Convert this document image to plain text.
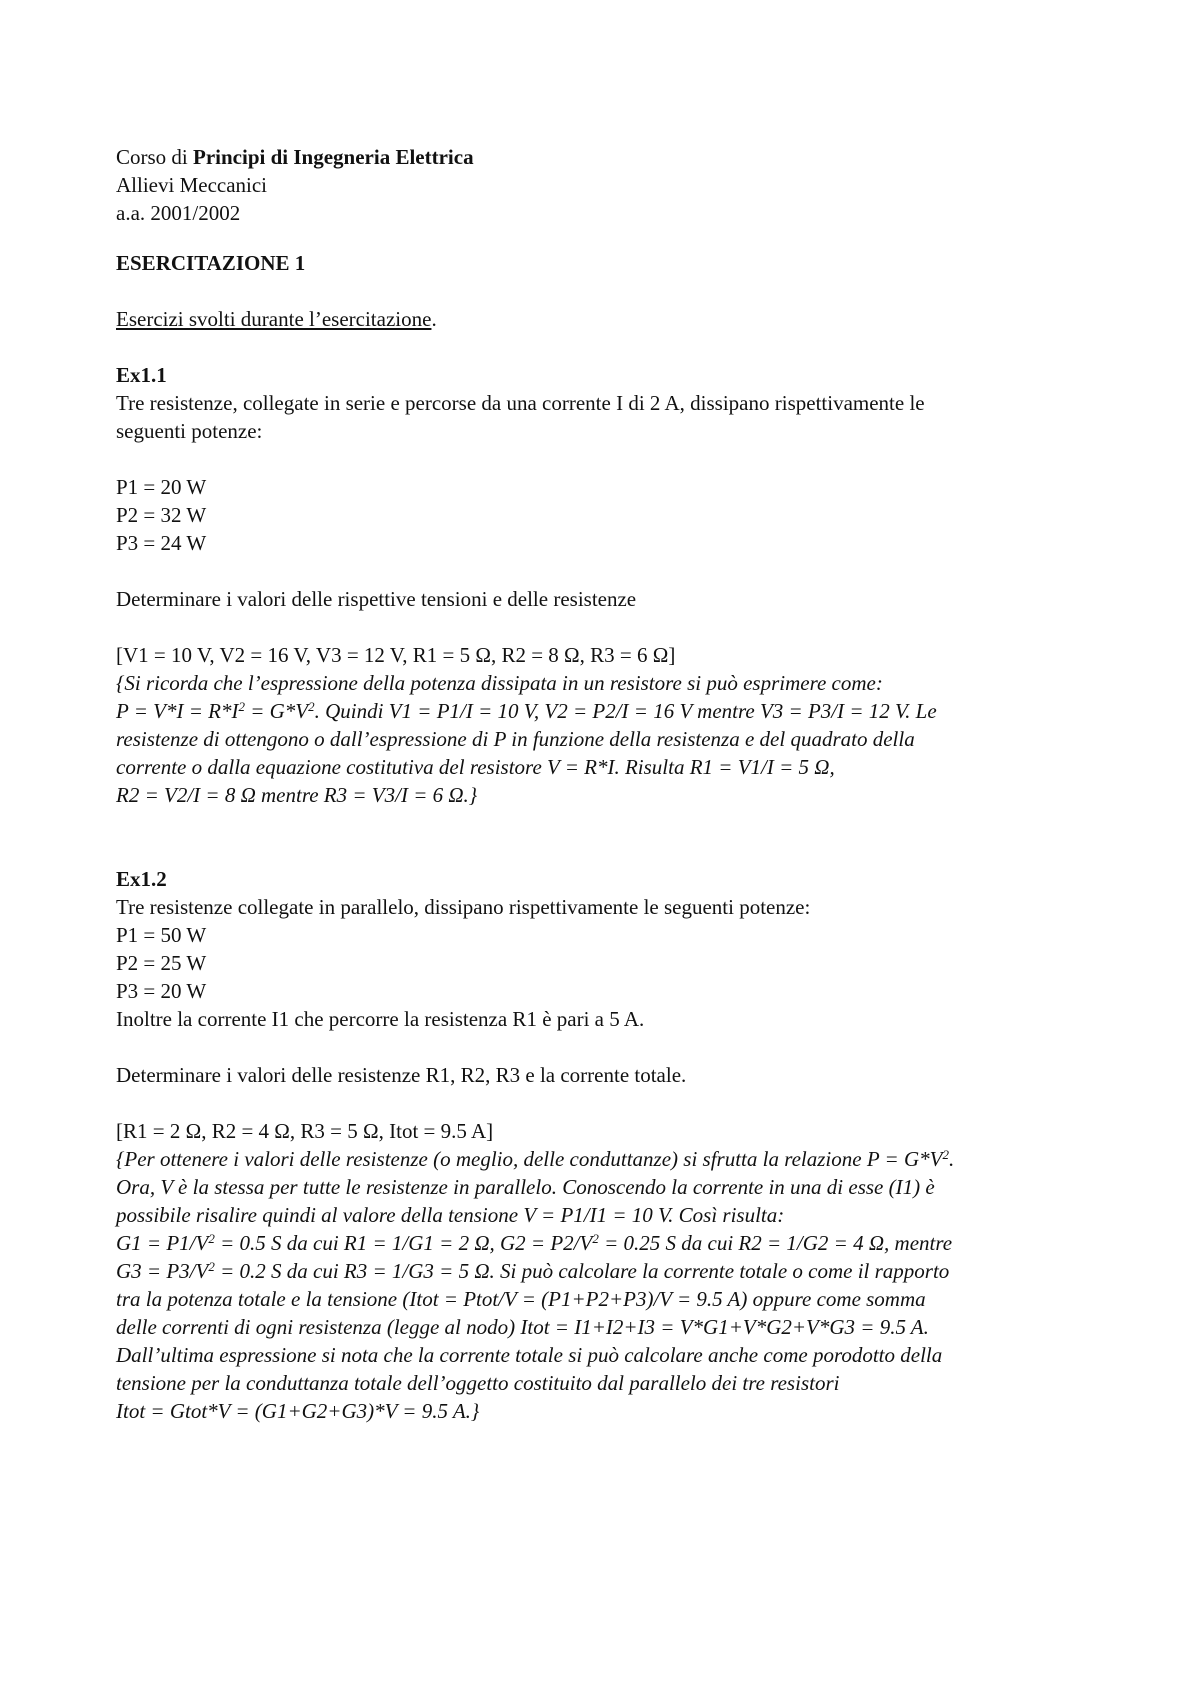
Corso di Principi di Ingegneria Elettrica
Allievi Meccanici
a.a. 2001/2002
ESERCITAZIONE 1
Esercizi svolti durante l’esercitazione.
Ex1.1
Tre resistenze, collegate in serie e percorse da una corrente I di 2 A, dissipano rispettivamente le
seguenti potenze:
P1 = 20 W
P2 = 32 W
P3 = 24 W
Determinare i valori delle rispettive tensioni e delle resistenze
[V1 = 10 V, V2 = 16 V, V3 = 12 V, R1 = 5 Ω, R2 = 8 Ω, R3 = 6 Ω]
{Si ricorda che l’espressione della potenza dissipata in un resistore si può esprimere come:
$P = V*I = R*I^2 = G*V^2$. Quindi V1 = P1/I = 10 V, V2 = P2/I = 16 V mentre V3 = P3/I = 12 V. Le
resistenze di ottengono o dall’espressione di P in funzione della resistenza e del quadrato della
corrente o dalla equazione costitutiva del resistore V = R*I. Risulta R1 = V1/I = 5 Ω,
R2 = V2/I = 8 Ω mentre R3 = V3/I = 6 Ω.}
Ex1.2
Tre resistenze collegate in parallelo, dissipano rispettivamente le seguenti potenze:
P1 = 50 W
P2 = 25 W
P3 = 20 W
Inoltre la corrente I1 che percorre la resistenza R1 è pari a 5 A.
Determinare i valori delle resistenze R1, R2, R3 e la corrente totale.
[R1 = 2 Ω, R2 = 4 Ω, R3 = 5 Ω, Itot = 9.5 A]
{Per ottenere i valori delle resistenze (o meglio, delle conduttanze) si sfrutta la relazione $P = G*V^2$.
Ora, V è la stessa per tutte le resistenze in parallelo. Conoscendo la corrente in una di esse (I1) è
possibile risalire quindi al valore della tensione V = P1/I1 = 10 V. Così risulta:
$G1 = P1/V^2 = 0.5$ S da cui R1 = 1/G1 = 2 Ω, $G2 = P2/V^2 = 0.25$ S da cui R2 = 1/G2 = 4 Ω, mentre
$G3 = P3/V^2 = 0.2$ S da cui R3 = 1/G3 = 5 Ω. Si può calcolare la corrente totale o come il rapporto
tra la potenza totale e la tensione (Itot = Ptot/V = (P1+P2+P3)/V = 9.5 A) oppure come somma
delle correnti di ogni resistenza (legge al nodo) Itot = I1+I2+I3 = V*G1+V*G2+V*G3 = 9.5 A.
Dall’ultima espressione si nota che la corrente totale si può calcolare anche come porodotto della
tensione per la conduttanza totale dell’oggetto costituito dal parallelo dei tre resistori
Itot = Gtot*V = (G1+G2+G3)*V = 9.5 A.}
